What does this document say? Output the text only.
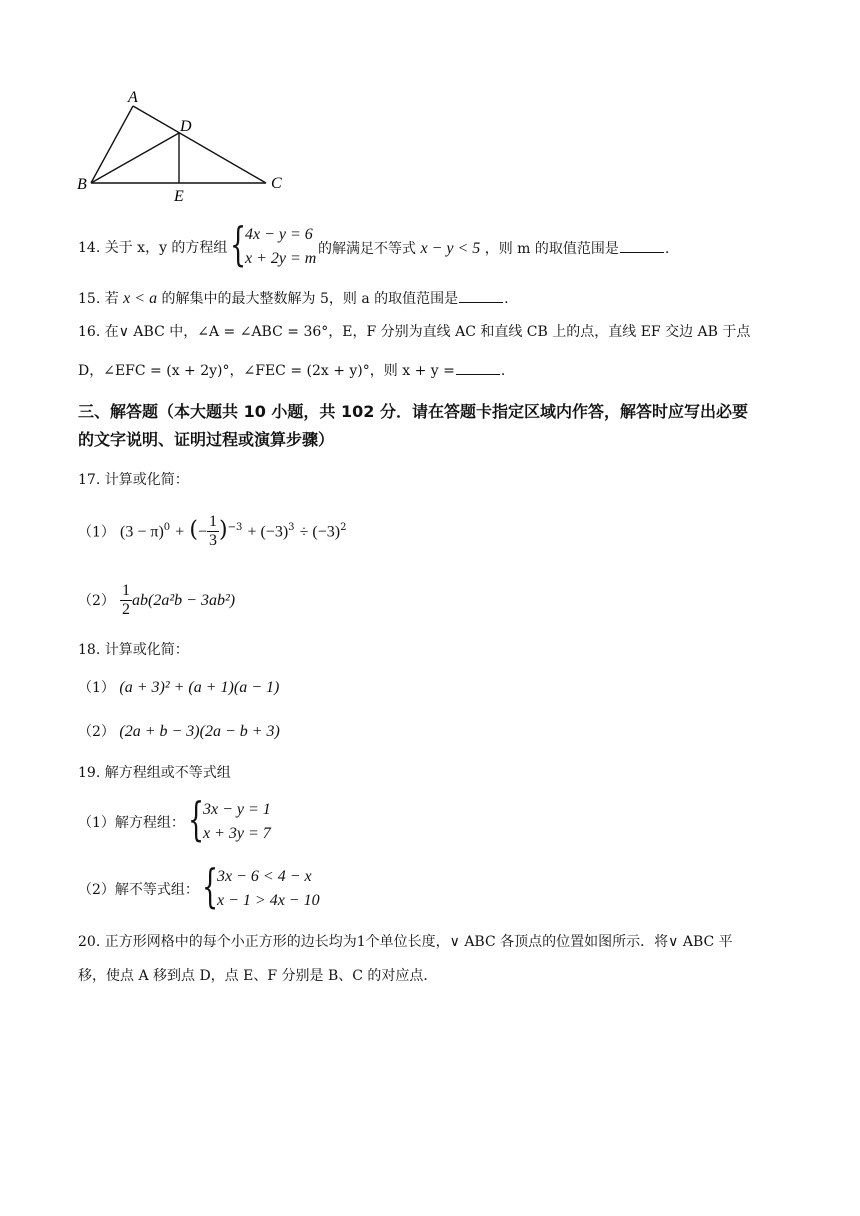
A
D
B	C
E
14. 关于 x，y 的方程组 {
4x − y = 6
x + 2y = m
的解满足不等式 x − y < 5 ，则 m 的取值范围是	.
15. 若 x < a 的解集中的最大整数解为 5，则 a 的取值范围是	.
16. 在∨ ABC 中，∠A = ∠ABC = 36°，E，F 分别为直线 AC 和直线 CB 上的点，直线 EF 交边 AB 于点
D，∠EFC = (x + 2y)°，∠FEC = (2x + y)°，则 x + y =	.
三、解答题（本大题共 10 小题，共 102 分．请在答题卡指定区域内作答，解答时应写出必要
的文字说明、证明过程或演算步骤）
17. 计算或化简：
（1） $(3 - \pi)^0$ + (− $\frac{1}{3} )^{-3} + (-3)^3 \div (-3)^2$
$(2) \frac{1}{2} ab(2a^2b - 3ab^2)$
18. 计算或化简：
（1） (a + 3)² + (a + 1)(a − 1)
（2） (2a + b − 3)(2a − b + 3)
19. 解方程组或不等式组
（1）解方程组： {
3x − y = 1
x + 3y = 7
（2）解不等式组： {
3x − 6 < 4 − x
x − 1 > 4x − 10
20. 正方形网格中的每个小正方形的边长均为1个单位长度，∨ ABC 各顶点的位置如图所示．将∨ ABC 平
移，使点 A 移到点 D，点 E、F 分别是 B、C 的对应点．
